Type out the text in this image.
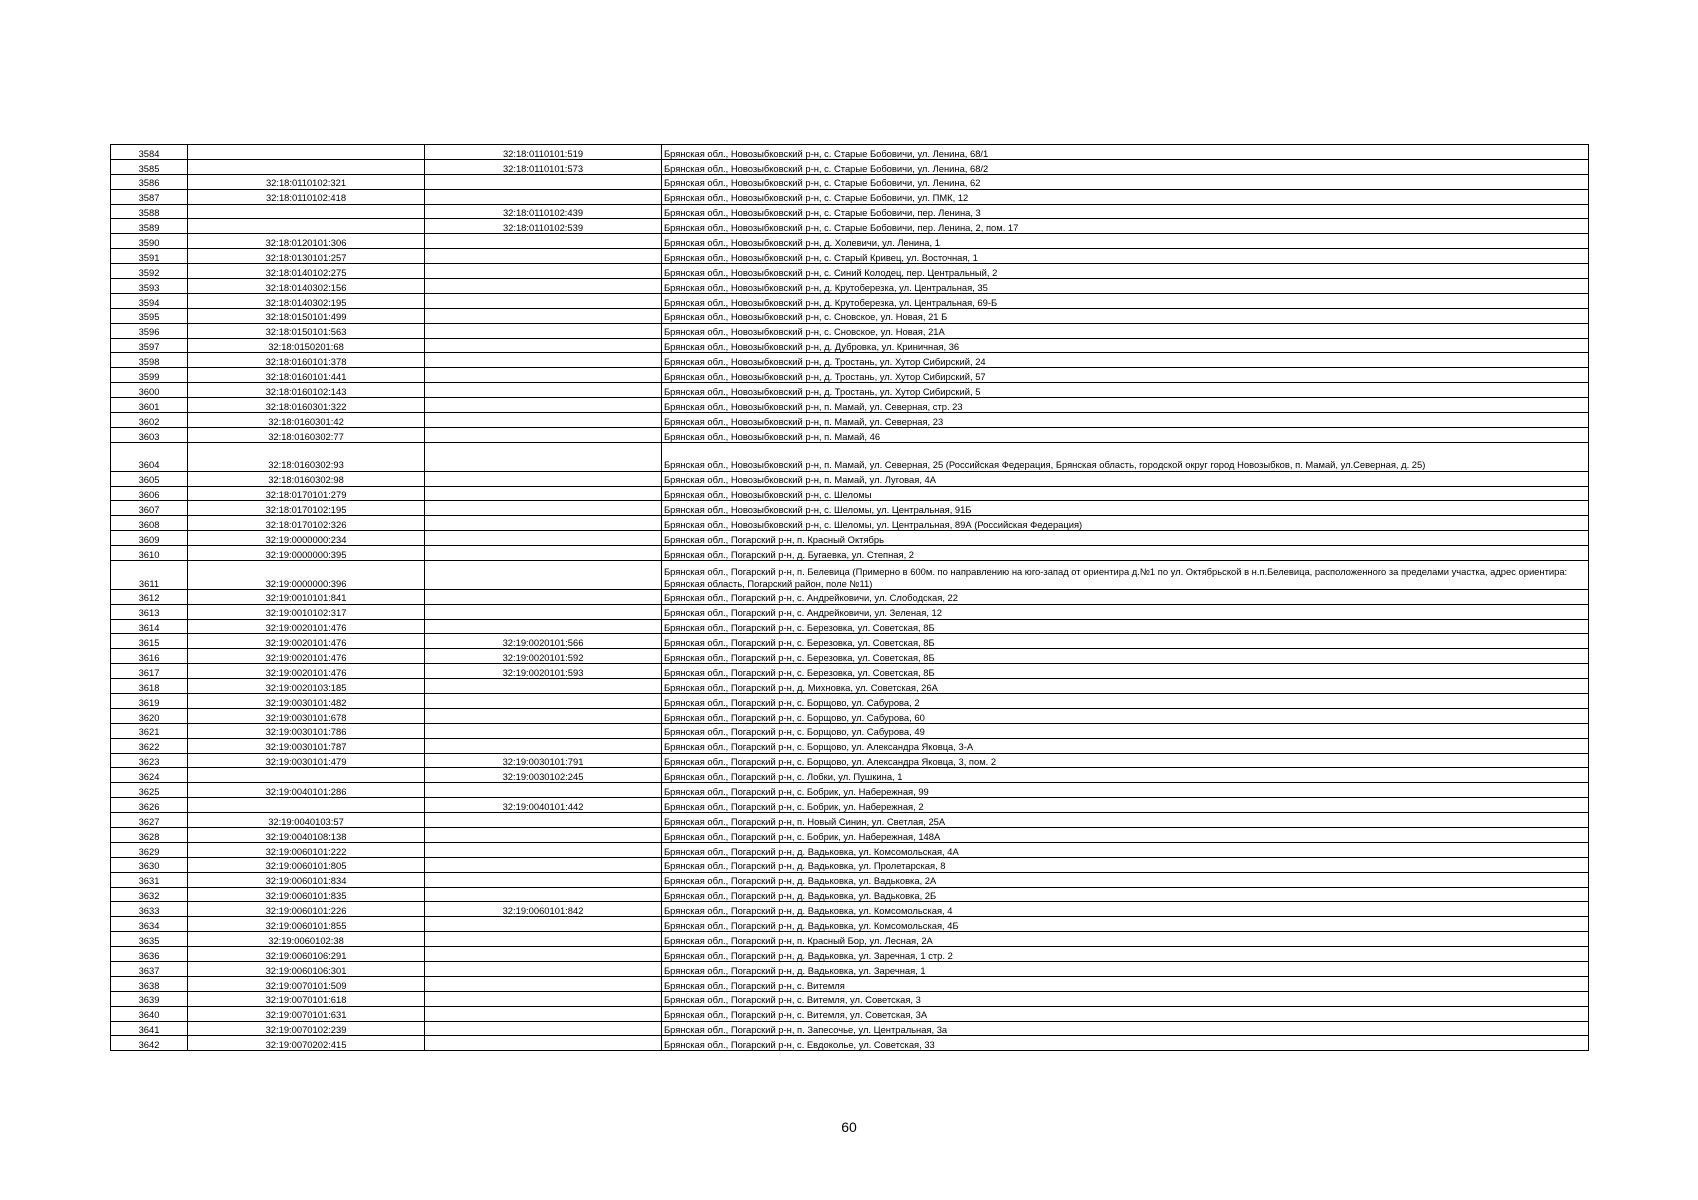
3584		32:18:0110101:519	Брянская обл., Новозыбковский р-н, с. Старые Бобовичи, ул. Ленина, 68/1
3585		32:18:0110101:573	Брянская обл., Новозыбковский р-н, с. Старые Бобовичи, ул. Ленина, 68/2
3586	32:18:0110102:321		Брянская обл., Новозыбковский р-н, с. Старые Бобовичи, ул. Ленина, 62
3587	32:18:0110102:418		Брянская обл., Новозыбковский р-н, с. Старые Бобовичи, ул. ПМК, 12
3588		32:18:0110102:439	Брянская обл., Новозыбковский р-н, с. Старые Бобовичи, пер. Ленина, 3
3589		32:18:0110102:539	Брянская обл., Новозыбковский р-н, с. Старые Бобовичи, пер. Ленина, 2, пом. 17
3590	32:18:0120101:306		Брянская обл., Новозыбковский р-н, д. Холевичи, ул. Ленина, 1
3591	32:18:0130101:257		Брянская обл., Новозыбковский р-н, с. Старый Кривец, ул. Восточная, 1
3592	32:18:0140102:275		Брянская обл., Новозыбковский р-н, с. Синий Колодец, пер. Центральный, 2
3593	32:18:0140302:156		Брянская обл., Новозыбковский р-н, д. Крутоберезка, ул. Центральная, 35
3594	32:18:0140302:195		Брянская обл., Новозыбковский р-н, д. Крутоберезка, ул. Центральная, 69-Б
3595	32:18:0150101:499		Брянская обл., Новозыбковский р-н, с. Сновское, ул. Новая, 21 Б
3596	32:18:0150101:563		Брянская обл., Новозыбковский р-н, с. Сновское, ул. Новая, 21А
3597	32:18:0150201:68		Брянская обл., Новозыбковский р-н, д. Дубровка, ул. Криничная, 36
3598	32:18:0160101:378		Брянская обл., Новозыбковский р-н, д. Тростань, ул. Хутор Сибирский, 24
3599	32:18:0160101:441		Брянская обл., Новозыбковский р-н, д. Тростань, ул. Хутор Сибирский, 57
3600	32:18:0160102:143		Брянская обл., Новозыбковский р-н, д. Тростань, ул. Хутор Сибирский, 5
3601	32:18:0160301:322		Брянская обл., Новозыбковский р-н, п. Мамай, ул. Северная, стр. 23
3602	32:18:0160301:42		Брянская обл., Новозыбковский р-н, п. Мамай, ул. Северная, 23
3603	32:18:0160302:77		Брянская обл., Новозыбковский р-н, п. Мамай, 46
3604	32:18:0160302:93		Брянская обл., Новозыбковский р-н, п. Мамай, ул. Северная, 25 (Российская Федерация, Брянская область, городской округ город Новозыбков, п. Мамай, ул.Северная, д. 25)
3605	32:18:0160302:98		Брянская обл., Новозыбковский р-н, п. Мамай, ул. Луговая, 4А
3606	32:18:0170101:279		Брянская обл., Новозыбковский р-н, с. Шеломы
3607	32:18:0170102:195		Брянская обл., Новозыбковский р-н, с. Шеломы, ул. Центральная, 91Б
3608	32:18:0170102:326		Брянская обл., Новозыбковский р-н, с. Шеломы, ул. Центральная, 89А (Российская Федерация)
3609	32:19:0000000:234		Брянская обл., Погарский р-н, п. Красный Октябрь
3610	32:19:0000000:395		Брянская обл., Погарский р-н, д. Бугаевка, ул. Степная, 2
3611	32:19:0000000:396		Брянская обл., Погарский р-н, п. Белевица (Примерно в 600м. по направлению на юго-запад от ориентира д.№1 по ул. Октябрьской в н.п.Белевица, расположенного за пределами участка, адрес ориентира: Брянская область, Погарский район, поле №11)
3612	32:19:0010101:841		Брянская обл., Погарский р-н, с. Андрейковичи, ул. Слободская, 22
3613	32:19:0010102:317		Брянская обл., Погарский р-н, с. Андрейковичи, ул. Зеленая, 12
3614	32:19:0020101:476		Брянская обл., Погарский р-н, с. Березовка, ул. Советская, 8Б
3615	32:19:0020101:476	32:19:0020101:566	Брянская обл., Погарский р-н, с. Березовка, ул. Советская, 8Б
3616	32:19:0020101:476	32:19:0020101:592	Брянская обл., Погарский р-н, с. Березовка, ул. Советская, 8Б
3617	32:19:0020101:476	32:19:0020101:593	Брянская обл., Погарский р-н, с. Березовка, ул. Советская, 8Б
3618	32:19:0020103:185		Брянская обл., Погарский р-н, д. Михновка, ул. Советская, 26А
3619	32:19:0030101:482		Брянская обл., Погарский р-н, с. Борщово, ул. Сабурова, 2
3620	32:19:0030101:678		Брянская обл., Погарский р-н, с. Борщово, ул. Сабурова, 60
3621	32:19:0030101:786		Брянская обл., Погарский р-н, с. Борщово, ул. Сабурова, 49
3622	32:19:0030101:787		Брянская обл., Погарский р-н, с. Борщово, ул. Александра Яковца, 3-А
3623	32:19:0030101:479	32:19:0030101:791	Брянская обл., Погарский р-н, с. Борщово, ул. Александра Яковца, 3, пом. 2
3624		32:19:0030102:245	Брянская обл., Погарский р-н, с. Лобки, ул. Пушкина, 1
3625	32:19:0040101:286		Брянская обл., Погарский р-н, с. Бобрик, ул. Набережная, 99
3626		32:19:0040101:442	Брянская обл., Погарский р-н, с. Бобрик, ул. Набережная, 2
3627	32:19:0040103:57		Брянская обл., Погарский р-н, п. Новый Синин, ул. Светлая, 25А
3628	32:19:0040108:138		Брянская обл., Погарский р-н, с. Бобрик, ул. Набережная, 148А
3629	32:19:0060101:222		Брянская обл., Погарский р-н, д. Вадьковка, ул. Комсомольская, 4А
3630	32:19:0060101:805		Брянская обл., Погарский р-н, д. Вадьковка, ул. Пролетарская, 8
3631	32:19:0060101:834		Брянская обл., Погарский р-н, д. Вадьковка, ул. Вадьковка, 2А
3632	32:19:0060101:835		Брянская обл., Погарский р-н, д. Вадьковка, ул. Вадьковка, 2Б
3633	32:19:0060101:226	32:19:0060101:842	Брянская обл., Погарский р-н, д. Вадьковка, ул. Комсомольская, 4
3634	32:19:0060101:855		Брянская обл., Погарский р-н, д. Вадьковка, ул. Комсомольская, 4Б
3635	32:19:0060102:38		Брянская обл., Погарский р-н, п. Красный Бор, ул. Лесная, 2А
3636	32:19:0060106:291		Брянская обл., Погарский р-н, д. Вадьковка, ул. Заречная, 1 стр. 2
3637	32:19:0060106:301		Брянская обл., Погарский р-н, д. Вадьковка, ул. Заречная, 1
3638	32:19:0070101:509		Брянская обл., Погарский р-н, с. Витемля
3639	32:19:0070101:618		Брянская обл., Погарский р-н, с. Витемля, ул. Советская, 3
3640	32:19:0070101:631		Брянская обл., Погарский р-н, с. Витемля, ул. Советская, 3А
3641	32:19:0070102:239		Брянская обл., Погарский р-н, п. Запесочье, ул. Центральная, 3а
3642	32:19:0070202:415		Брянская обл., Погарский р-н, с. Евдокольe, ул. Советская, 33
60
